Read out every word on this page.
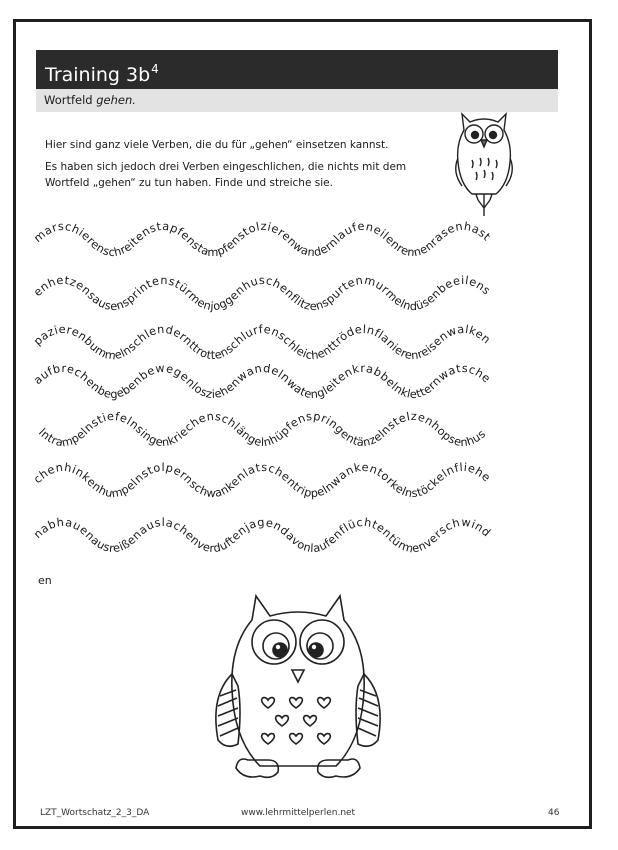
Training $3b^4$
Wortfeld gehen.

Hier sind ganz viele Verben, die du für „gehen“ einsetzen kannst.

Es haben sich jedoch drei Verben eingeschlichen, die nichts mit dem Wortfeld „gehen“ zu tun haben. Finde und streiche sie.

marschierenschreitenstapfenstampfenstolzierenwandernlaufeneilenrennenrasenhast
enhetzensausensprintenstürmenjoggenhuschenflitzenspurtenmurmelndüsenbeeilens
pazierenbummelnschlendernttrottenschlurfenschleichenttrödelnflanierenreisenwalken
aufbrechenbegebenbewegenlosziehenwandelnwatengleitenkrabbelnkletternwatsche
lntrampelnstiefelnsingenkriechenschlängelnhüpfenspringentänzelnstelzenhopsenhus
chenhinkenhumpelnstolpernschwankenlatschentrippelnwankentorkelnstöckelnfliehe
nabhauenausreißenauslachenverduftenjagendavonlaufenflüchtentürmenverschwind
en
LZT_Wortschatz_2_3_DA	www.lehrmittelperlen.net	46
